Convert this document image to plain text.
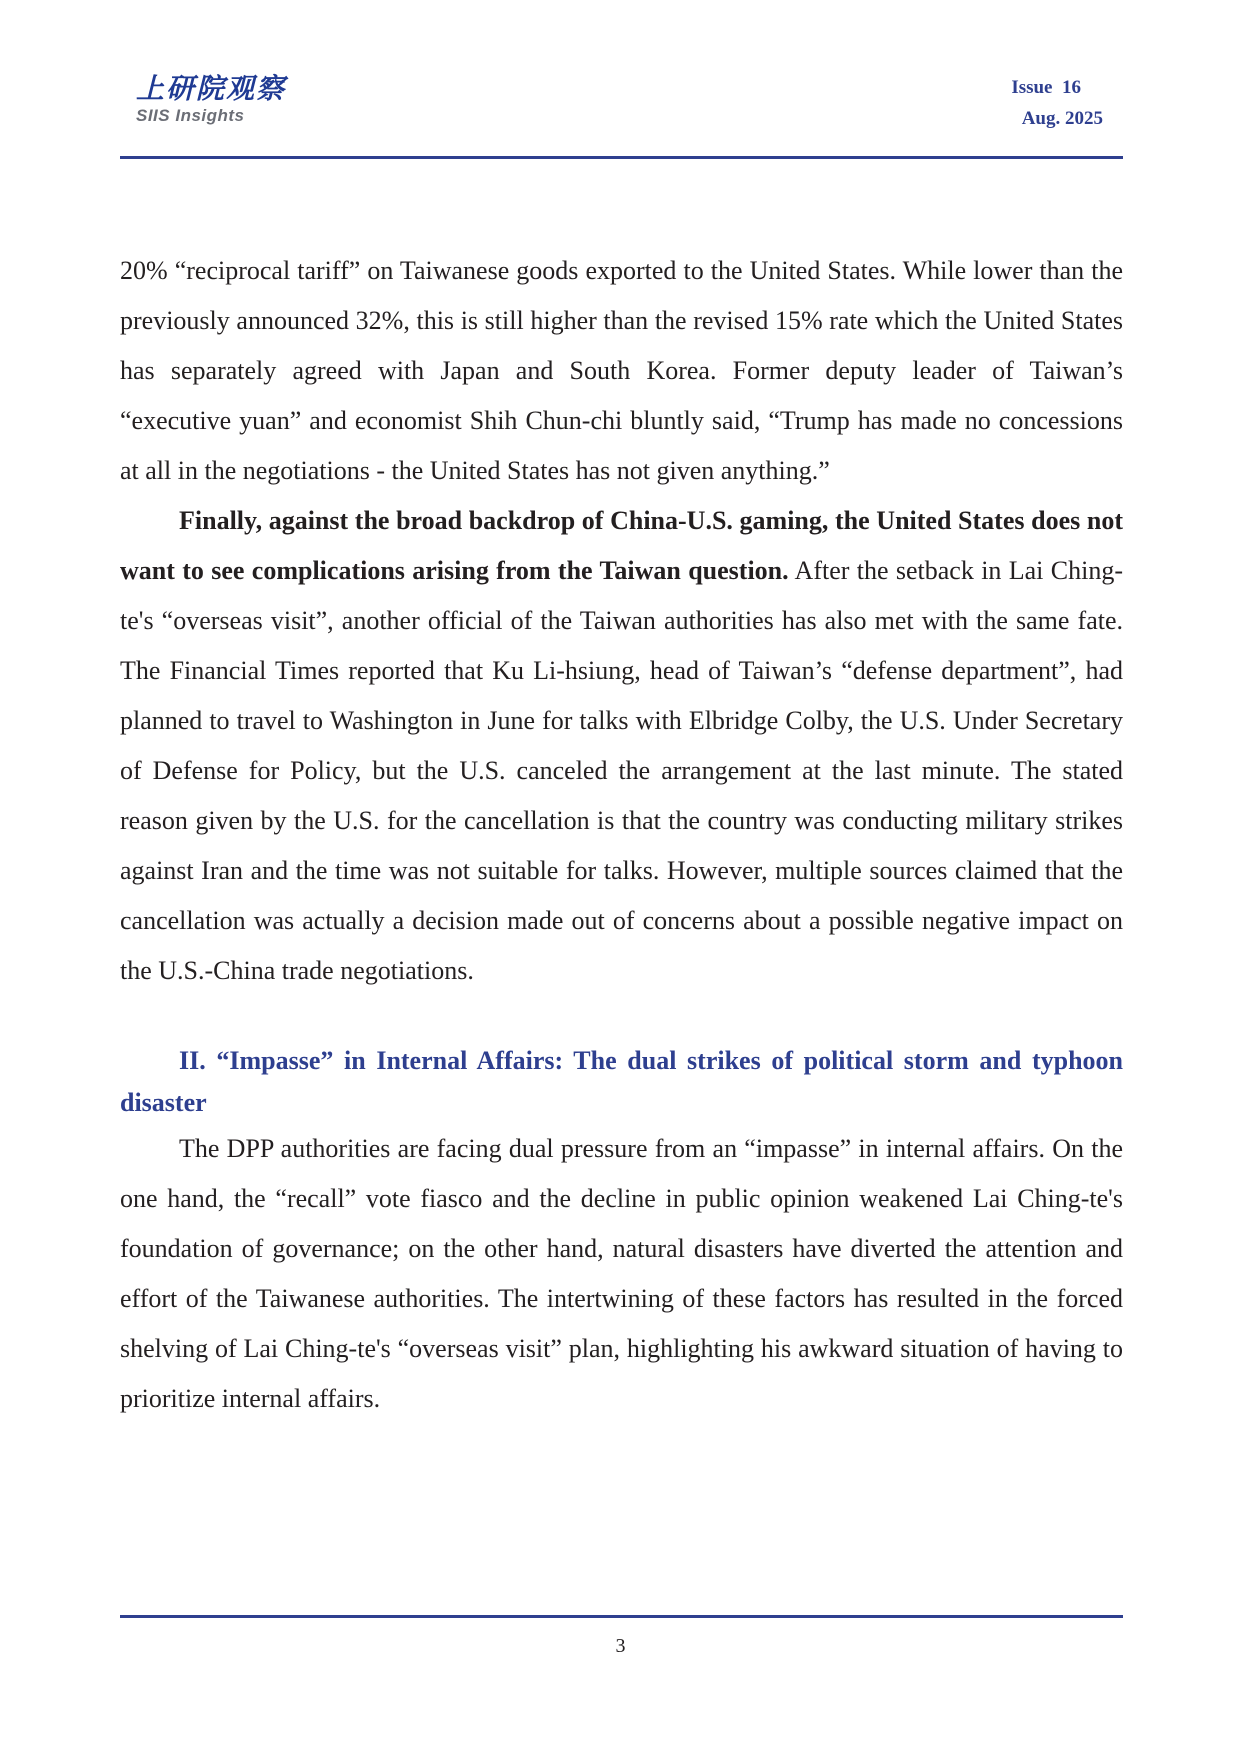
上研院观察
SIIS Insights
Issue  16
Aug. 2025

20% “reciprocal tariff” on Taiwanese goods exported to the United States. While lower than the previously announced 32%, this is still higher than the revised 15% rate which the United States has separately agreed with Japan and South Korea. Former deputy leader of Taiwan’s “executive yuan” and economist Shih Chun-chi bluntly said, “Trump has made no concessions at all in the negotiations - the United States has not given anything.”

Finally, against the broad backdrop of China-U.S. gaming, the United States does not want to see complications arising from the Taiwan question. After the setback in Lai Ching-te's “overseas visit”, another official of the Taiwan authorities has also met with the same fate. The Financial Times reported that Ku Li-hsiung, head of Taiwan’s “defense department”, had planned to travel to Washington in June for talks with Elbridge Colby, the U.S. Under Secretary of Defense for Policy, but the U.S. canceled the arrangement at the last minute. The stated reason given by the U.S. for the cancellation is that the country was conducting military strikes against Iran and the time was not suitable for talks. However, multiple sources claimed that the cancellation was actually a decision made out of concerns about a possible negative impact on the U.S.-China trade negotiations.

II. “Impasse” in Internal Affairs: The dual strikes of political storm and typhoon disaster

The DPP authorities are facing dual pressure from an “impasse” in internal affairs. On the one hand, the “recall” vote fiasco and the decline in public opinion weakened Lai Ching-te's foundation of governance; on the other hand, natural disasters have diverted the attention and effort of the Taiwanese authorities. The intertwining of these factors has resulted in the forced shelving of Lai Ching-te's “overseas visit” plan, highlighting his awkward situation of having to prioritize internal affairs.

3
